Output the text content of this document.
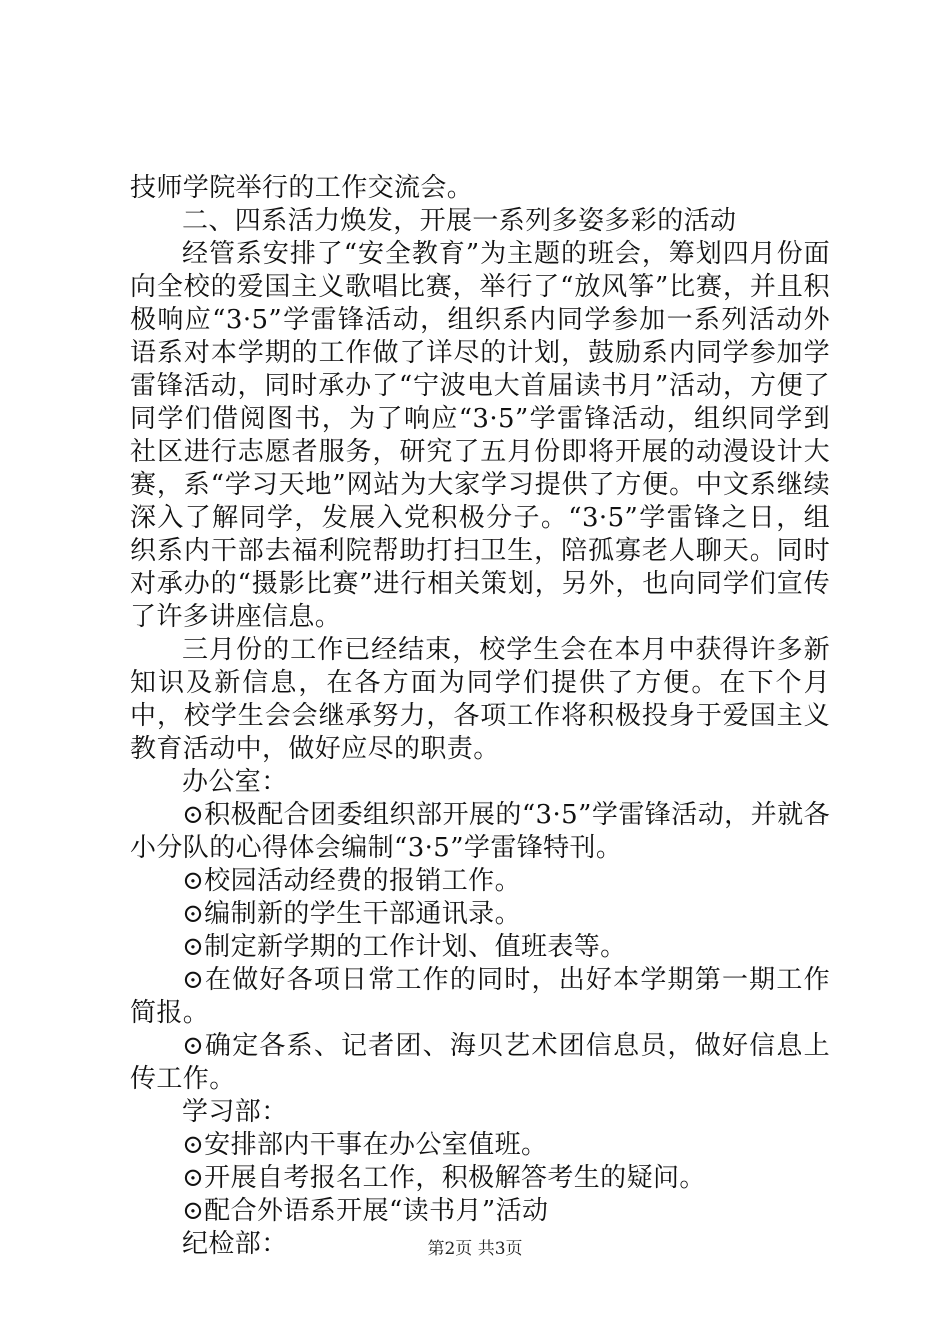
技师学院举行的工作交流会。

二、四系活力焕发，开展一系列多姿多彩的活动

经管系安排了“安全教育”为主题的班会，筹划四月份面向全校的爱国主义歌唱比赛，举行了“放风筝”比赛，并且积极响应“3·5”学雷锋活动，组织系内同学参加一系列活动外语系对本学期的工作做了详尽的计划，鼓励系内同学参加学雷锋活动，同时承办了“宁波电大首届读书月”活动，方便了同学们借阅图书，为了响应“3·5”学雷锋活动，组织同学到社区进行志愿者服务，研究了五月份即将开展的动漫设计大赛，系“学习天地”网站为大家学习提供了方便。中文系继续深入了解同学，发展入党积极分子。“3·5”学雷锋之日，组织系内干部去福利院帮助打扫卫生，陪孤寡老人聊天。同时对承办的“摄影比赛”进行相关策划，另外，也向同学们宣传了许多讲座信息。

三月份的工作已经结束，校学生会在本月中获得许多新知识及新信息，在各方面为同学们提供了方便。在下个月中，校学生会会继承努力，各项工作将积极投身于爱国主义教育活动中，做好应尽的职责。

办公室：

⊙积极配合团委组织部开展的“3·5”学雷锋活动，并就各小分队的心得体会编制“3·5”学雷锋特刊。

⊙校园活动经费的报销工作。

⊙编制新的学生干部通讯录。

⊙制定新学期的工作计划、值班表等。

⊙在做好各项日常工作的同时，出好本学期第一期工作简报。

⊙确定各系、记者团、海贝艺术团信息员，做好信息上传工作。

学习部：

⊙安排部内干事在办公室值班。

⊙开展自考报名工作，积极解答考生的疑问。

⊙配合外语系开展“读书月”活动

纪检部：	第2页 共3页
